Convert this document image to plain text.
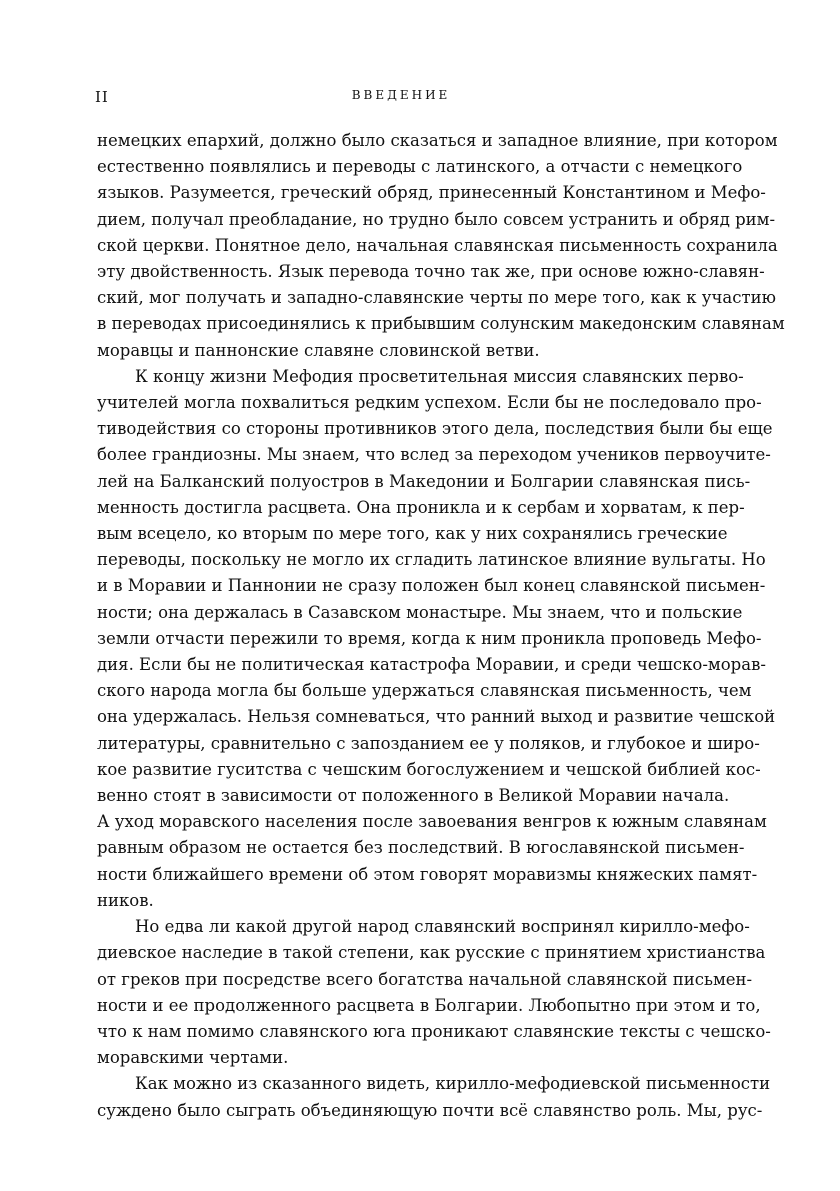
II	ВВЕДЕНИЕ

немецких епархий, должно было сказаться и западное влияние, при котором
естественно появлялись и переводы с латинского, а отчасти с немецкого
языков. Разумеется, греческий обряд, принесенный Константином и Мефо-
дием, получал преобладание, но трудно было совсем устранить и обряд рим-
ской церкви. Понятное дело, начальная славянская письменность сохранила
эту двойственность. Язык перевода точно так же, при основе южно-славян-
ский, мог получать и западно-славянские черты по мере того, как к участию
в переводах присоединялись к прибывшим солунским македонским славянам
моравцы и паннонские славяне словинской ветви.

К концу жизни Мефодия просветительная миссия славянских перво-
учителей могла похвалиться редким успехом. Если бы не последовало про-
тиводействия со стороны противников этого дела, последствия были бы еще
более грандиозны. Мы знаем, что вслед за переходом учеников первоучите-
лей на Балканский полуостров в Македонии и Болгарии славянская пись-
менность достигла расцвета. Она проникла и к сербам и хорватам, к пер-
вым всецело, ко вторым по мере того, как у них сохранялись греческие
переводы, поскольку не могло их сгладить латинское влияние вульгаты. Но
и в Моравии и Паннонии не сразу положен был конец славянской письмен-
ности; она держалась в Сазавском монастыре. Мы знаем, что и польские
земли отчасти пережили то время, когда к ним проникла проповедь Мефо-
дия. Если бы не политическая катастрофа Моравии, и среди чешско-морав-
ского народа могла бы больше удержаться славянская письменность, чем
она удержалась. Нельзя сомневаться, что ранний выход и развитие чешской
литературы, сравнительно с запозданием ее у поляков, и глубокое и широ-
кое развитие гуситства с чешским богослужением и чешской библией кос-
венно стоят в зависимости от положенного в Великой Моравии начала.
А уход моравского населения после завоевания венгров к южным славянам
равным образом не остается без последствий. В югославянской письмен-
ности ближайшего времени об этом говорят моравизмы княжеских памят-
ников.

Но едва ли какой другой народ славянский воспринял кирилло-мефо-
диевское наследие в такой степени, как русские с принятием христианства
от греков при посредстве всего богатства начальной славянской письмен-
ности и ее продолженного расцвета в Болгарии. Любопытно при этом и то,
что к нам помимо славянского юга проникают славянские тексты с чешско-
моравскими чертами.

Как можно из сказанного видеть, кирилло-мефодиевской письменности
суждено было сыграть объединяющую почти всё славянство роль. Мы, рус-
